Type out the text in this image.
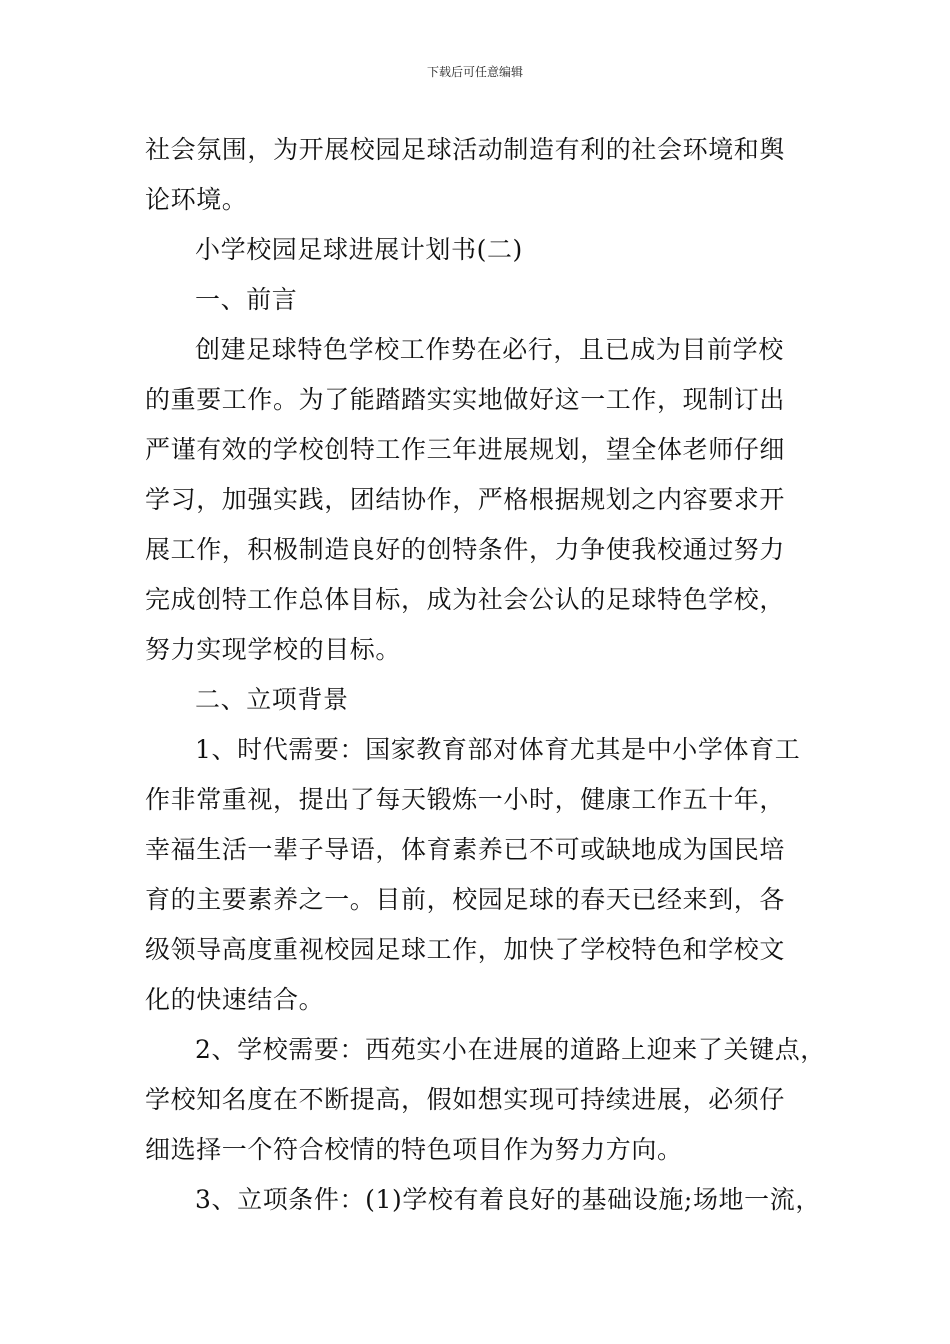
下载后可任意编辑
社会氛围，为开展校园足球活动制造有利的社会环境和舆
论环境。
小学校园足球进展计划书(二)
一、前言
创建足球特色学校工作势在必行，且已成为目前学校
的重要工作。为了能踏踏实实地做好这一工作，现制订出
严谨有效的学校创特工作三年进展规划，望全体老师仔细
学习，加强实践，团结协作，严格根据规划之内容要求开
展工作，积极制造良好的创特条件，力争使我校通过努力
完成创特工作总体目标，成为社会公认的足球特色学校，
努力实现学校的目标。
二、立项背景
1、时代需要：国家教育部对体育尤其是中小学体育工
作非常重视，提出了每天锻炼一小时，健康工作五十年，
幸福生活一辈子导语，体育素养已不可或缺地成为国民培
育的主要素养之一。目前，校园足球的春天已经来到，各
级领导高度重视校园足球工作，加快了学校特色和学校文
化的快速结合。
2、学校需要：西苑实小在进展的道路上迎来了关键点，
学校知名度在不断提高，假如想实现可持续进展，必须仔
细选择一个符合校情的特色项目作为努力方向。
3、立项条件：(1)学校有着良好的基础设施;场地一流，
